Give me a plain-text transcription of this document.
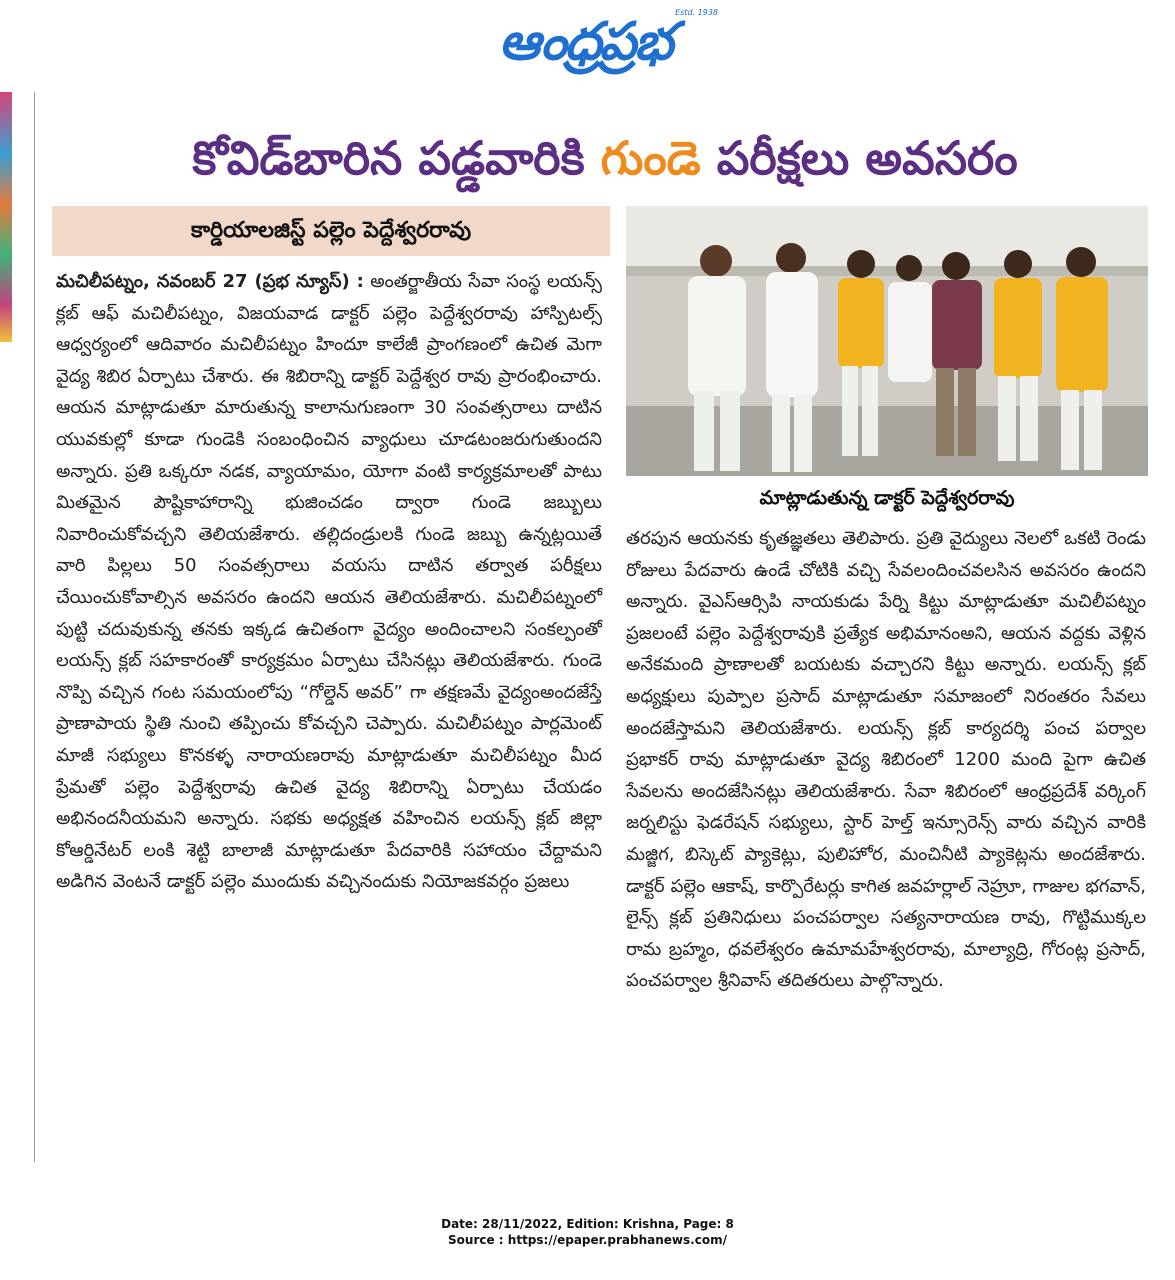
ఆంధ్రప్రభ Estd. 1938
కోవిడ్‌బారిన పడ్డవారికి గుండె పరీక్షలు అవసరం
కార్డియాలజిస్ట్ పల్లెం పెద్దేశ్వరరావు

మచిలీపట్నం, నవంబర్ 27 (ప్రభ న్యూస్) : అంతర్జాతీయ సేవా సంస్థ లయన్స్ క్లబ్ ఆఫ్ మచిలీపట్నం, విజయవాడ డాక్టర్ పల్లెం పెద్దేశ్వరరావు హాస్పిటల్స్ ఆధ్వర్యంలో ఆదివారం మచిలీపట్నం హిందూ కాలేజీ ప్రాంగణంలో ఉచిత మెగా వైద్య శిబిర ఏర్పాటు చేశారు. ఈ శిబిరాన్ని డాక్టర్ పెద్దేశ్వర రావు ప్రారంభించారు. ఆయన మాట్లాడుతూ మారుతున్న కాలానుగుణంగా 30 సంవత్సరాలు దాటిన యువకుల్లో కూడా గుండెకి సంబంధించిన వ్యాధులు చూడటంజరుగుతుందని అన్నారు. ప్రతి ఒక్కరూ నడక, వ్యాయామం, యోగా వంటి కార్యక్రమాలతో పాటు మితమైన పౌష్టికాహారాన్ని భుజించడం ద్వారా గుండె జబ్బులు నివారించుకోవచ్చని తెలియజేశారు. తల్లిదండ్రులకి గుండె జబ్బు ఉన్నట్లయితే వారి పిల్లలు 50 సంవత్సరాలు వయసు దాటిన తర్వాత పరీక్షలు చేయించుకోవాల్సిన అవసరం ఉందని ఆయన తెలియజేశారు. మచిలీపట్నంలో పుట్టి చదువుకున్న తనకు ఇక్కడ ఉచితంగా వైద్యం అందించాలని సంకల్పంతో లయన్స్ క్లబ్ సహకారంతో కార్యక్రమం ఏర్పాటు చేసినట్లు తెలియజేశారు. గుండె నొప్పి వచ్చిన గంట సమయంలోపు “గోల్డెన్ అవర్” గా తక్షణమే వైద్యంఅందజేస్తే ప్రాణాపాయ స్థితి నుంచి తప్పించు కోవచ్చని చెప్పారు. మచిలీపట్నం పార్లమెంట్ మాజీ సభ్యులు కొనకళ్ళ నారాయణరావు మాట్లాడుతూ మచిలీపట్నం మీద ప్రేమతో పల్లెం పెద్దేశ్వరావు ఉచిత వైద్య శిబిరాన్ని ఏర్పాటు చేయడం అభినందనీయమని అన్నారు. సభకు అధ్యక్షత వహించిన లయన్స్ క్లబ్ జిల్లా కోఆర్డినేటర్ లంకి శెట్టి బాలాజీ మాట్లాడుతూ పేదవారికి సహాయం చేద్దామని అడిగిన వెంటనే డాక్టర్ పల్లెం ముందుకు వచ్చినందుకు నియోజకవర్గం ప్రజలు

మాట్లాడుతున్న డాక్టర్ పెద్దేశ్వరరావు

తరపున ఆయనకు కృతజ్ఞతలు తెలిపారు. ప్రతి వైద్యులు నెలలో ఒకటి రెండు రోజులు పేదవారు ఉండే చోటికి వచ్చి సేవలందించవలసిన అవసరం ఉందని అన్నారు. వైఎస్ఆర్సిపి నాయకుడు పేర్ని కిట్టు మాట్లాడుతూ మచిలీపట్నం ప్రజలంటే పల్లెం పెద్దేశ్వరావుకి ప్రత్యేక అభిమానంఅని, ఆయన వద్దకు వెళ్లిన అనేకమంది ప్రాణాలతో బయటకు వచ్చారని కిట్టు అన్నారు. లయన్స్ క్లబ్ అధ్యక్షులు పుప్పాల ప్రసాద్ మాట్లాడుతూ సమాజంలో నిరంతరం సేవలు అందజేస్తామని తెలియజేశారు. లయన్స్ క్లబ్ కార్యదర్శి పంచ పర్వాల ప్రభాకర్ రావు మాట్లాడుతూ వైద్య శిబిరంలో 1200 మంది పైగా ఉచిత సేవలను అందజేసినట్లు తెలియజేశారు. సేవా శిబిరంలో ఆంధ్రప్రదేశ్ వర్కింగ్ జర్నలిస్టు ఫెడరేషన్ సభ్యులు, స్టార్ హెల్త్ ఇన్సూరెన్స్ వారు వచ్చిన వారికి మజ్జిగ, బిస్కెట్ ప్యాకెట్లు, పులిహోర, మంచినీటి ప్యాకెట్లను అందజేశారు. డాక్టర్ పల్లెం ఆకాష్, కార్పొరేటర్లు కాగిత జవహర్లాల్ నెహ్రూ, గాజుల భగవాన్, లైన్స్ క్లబ్ ప్రతినిధులు పంచపర్వాల సత్యనారాయణ రావు, గొట్టిముక్కల రామ బ్రహ్మం, ధవలేశ్వరం ఉమామహేశ్వరరావు, మాల్యాద్రి, గోరంట్ల ప్రసాద్, పంచపర్వాల శ్రీనివాస్ తదితరులు పాల్గొన్నారు.

Date: 28/11/2022, Edition: Krishna, Page: 8
Source : https://epaper.prabhanews.com/
